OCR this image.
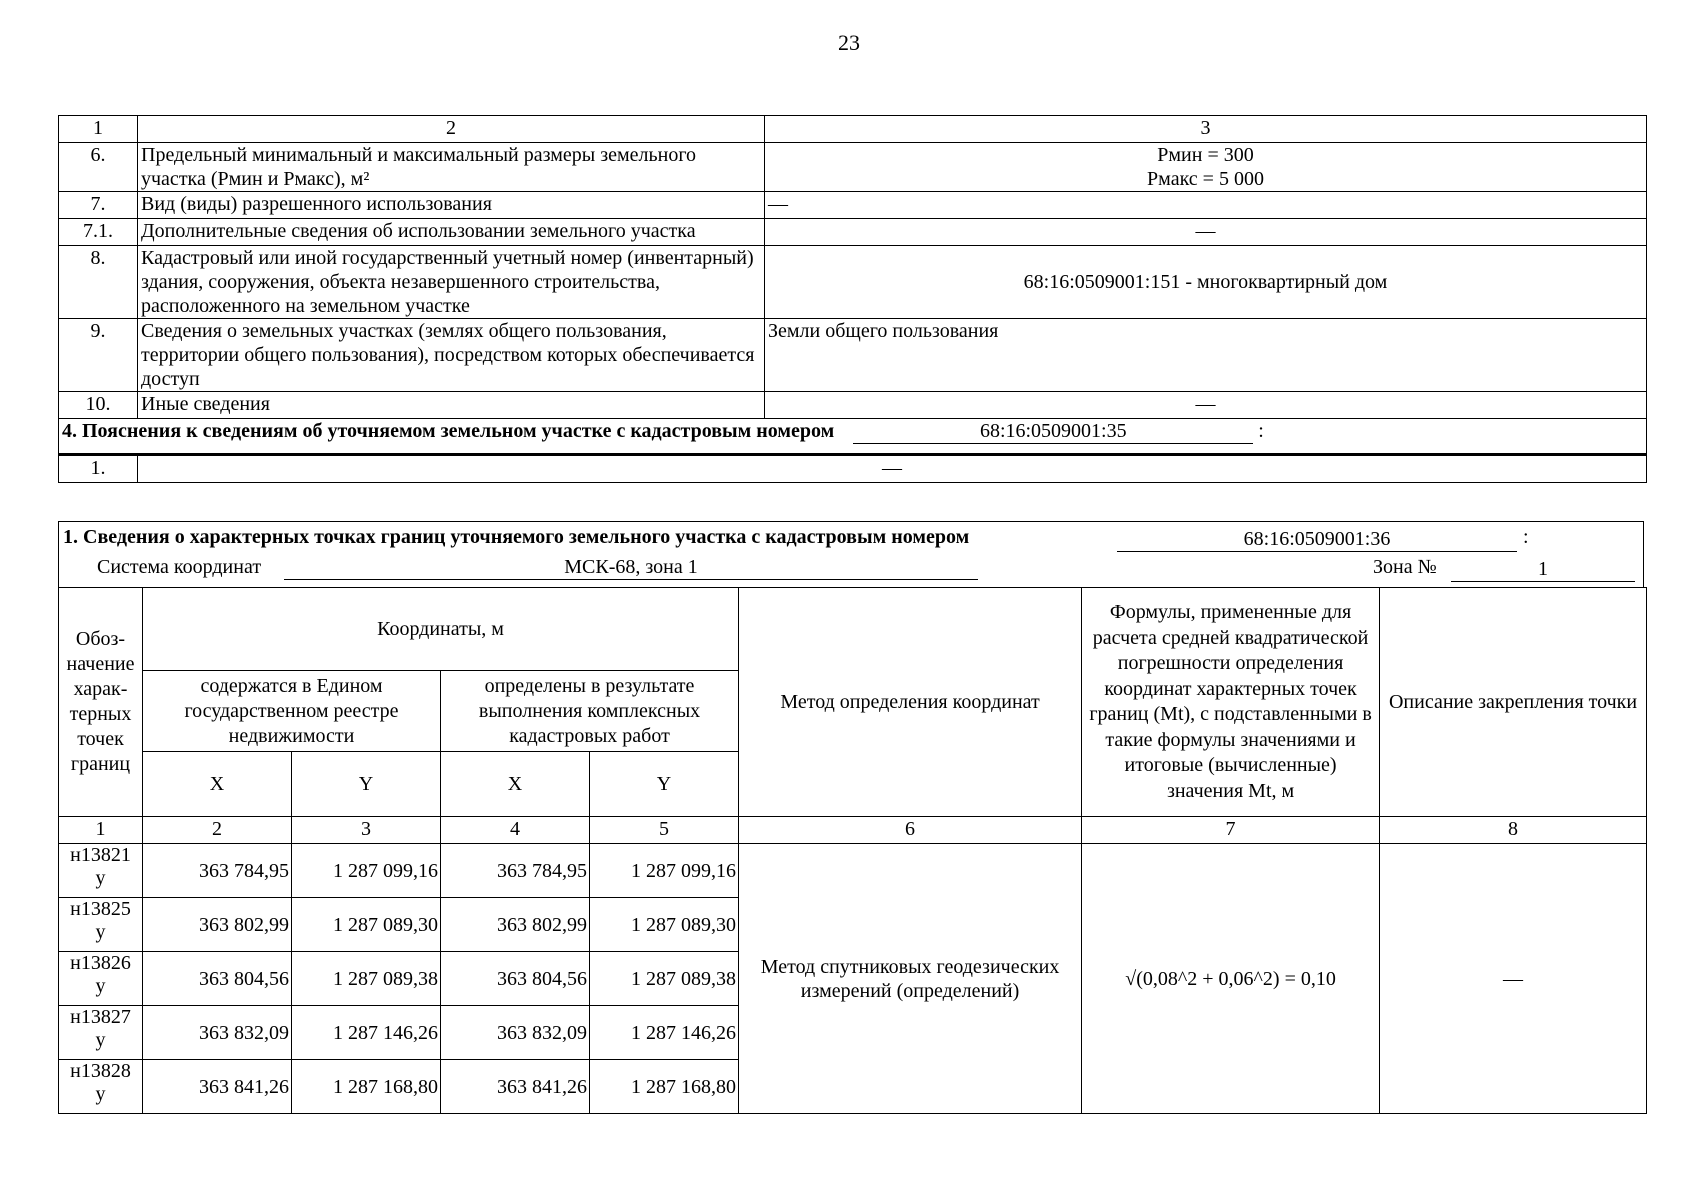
23
1	2	3
6.	Предельный минимальный и максимальный размеры земельного участка (Рмин и Рмакс), м²	Рмин = 300
Рмакс = 5 000

7.	Вид (виды) разрешенного использования	—
7.1.	Дополнительные сведения об использовании земельного участка	—
8.	Кадастровый или иной государственный учетный номер (инвентарный) здания, сооружения, объекта незавершенного строительства, расположенного на земельном участке	68:16:0509001:151 - многоквартирный дом
9.	Сведения о земельных участках (землях общего пользования, территории общего пользования), посредством которых обеспечивается доступ	Земли общего пользования
10.	Иные сведения	—
4. Пояснения к сведениям об уточняемом земельном участке с кадастровым номером 68:16:0509001:35 :		
1.	—	
1. Сведения о характерных точках границ уточняемого земельного участка с кадастровым номером	68:16:0509001:36	:
Система координат	МСК-68, зона 1	Зона №	1
Обоз-начение харак-терных точек границ	Координаты, м				Метод определения координат	Формулы, примененные для расчета средней квадратической погрешности определения координат характерных точек границ (Mt), с подставленными в такие формулы значениями и итоговые (вычисленные) значения Mt, м	Описание закрепления точки
	содержатся в Едином государственном реестре недвижимости		определены в результате выполнения комплексных кадастровых работ				
	X	Y	X	Y			
1	2	3	4	5	6	7	8

н13821
у	363 784,95	1 287 099,16	363 784,95	1 287 099,16	Метод спутниковых геодезических измерений (определений)	√(0,08^2 + 0,06^2) = 0,10	—

н13825
у	363 802,99	1 287 089,30	363 802,99	1 287 089,30			

н13826
у	363 804,56	1 287 089,38	363 804,56	1 287 089,38			

н13827
у	363 832,09	1 287 146,26	363 832,09	1 287 146,26			

н13828
у	363 841,26	1 287 168,80	363 841,26	1 287 168,80			
